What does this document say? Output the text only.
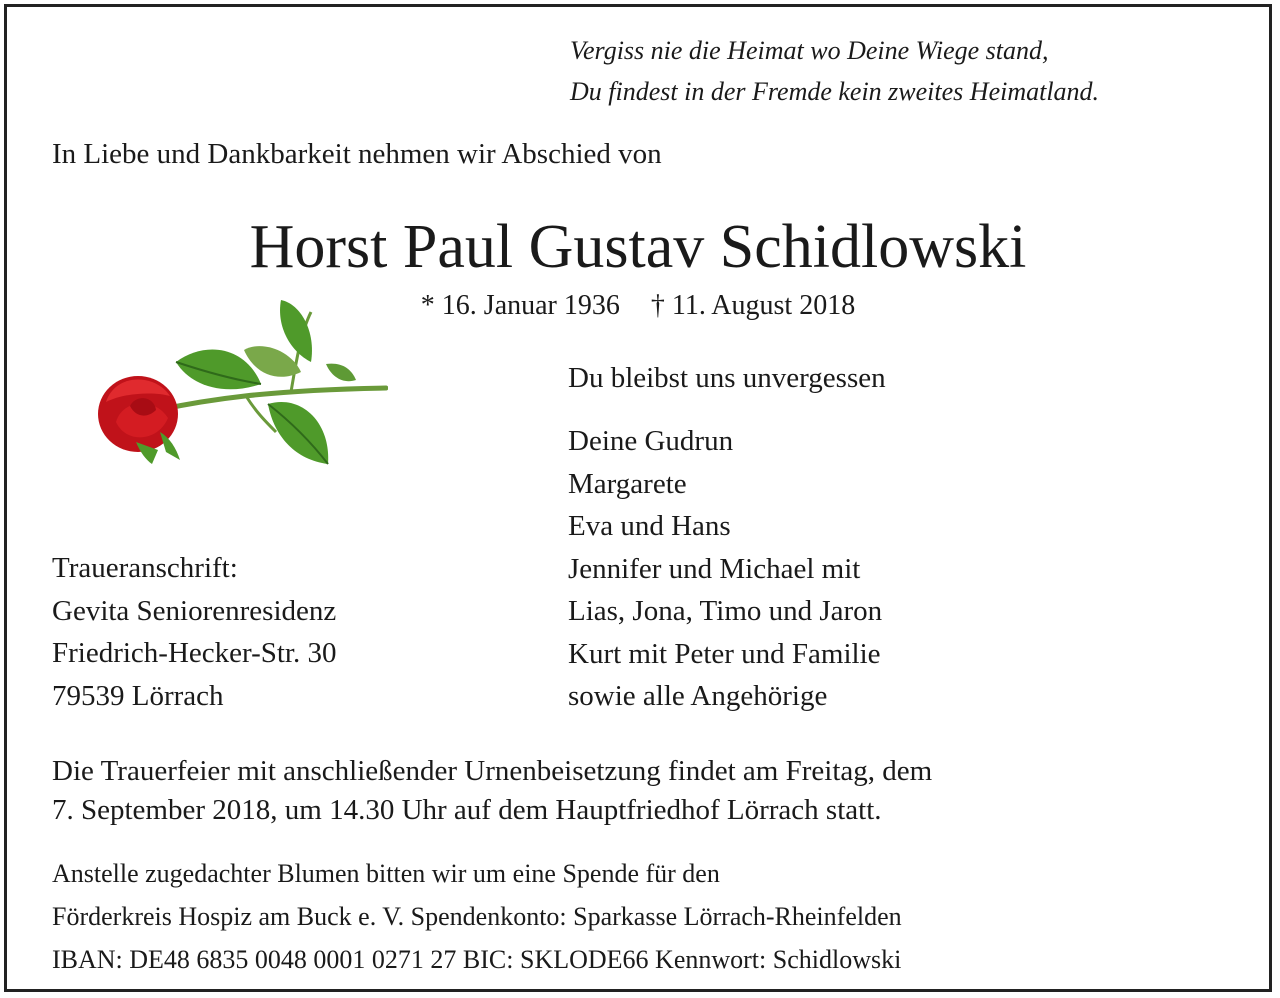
Vergiss nie die Heimat wo Deine Wiege stand,
Du findest in der Fremde kein zweites Heimatland.
In Liebe und Dankbarkeit nehmen wir Abschied von
Horst Paul Gustav Schidlowski
* 16. Januar 1936 † 11. August 2018
Du bleibst uns unvergessen
Deine Gudrun
Margarete
Eva und Hans
Jennifer und Michael mit
Lias, Jona, Timo und Jaron
Kurt mit Peter und Familie
sowie alle Angehörige
Traueranschrift:
Gevita Seniorenresidenz
Friedrich-Hecker-Str. 30
79539 Lörrach
Die Trauerfeier mit anschließender Urnenbeisetzung findet am Freitag, dem
7. September 2018, um 14.30 Uhr auf dem Hauptfriedhof Lörrach statt.
Anstelle zugedachter Blumen bitten wir um eine Spende für den
Förderkreis Hospiz am Buck e. V. Spendenkonto: Sparkasse Lörrach-Rheinfelden
IBAN: DE48 6835 0048 0001 0271 27 BIC: SKLODE66 Kennwort: Schidlowski
